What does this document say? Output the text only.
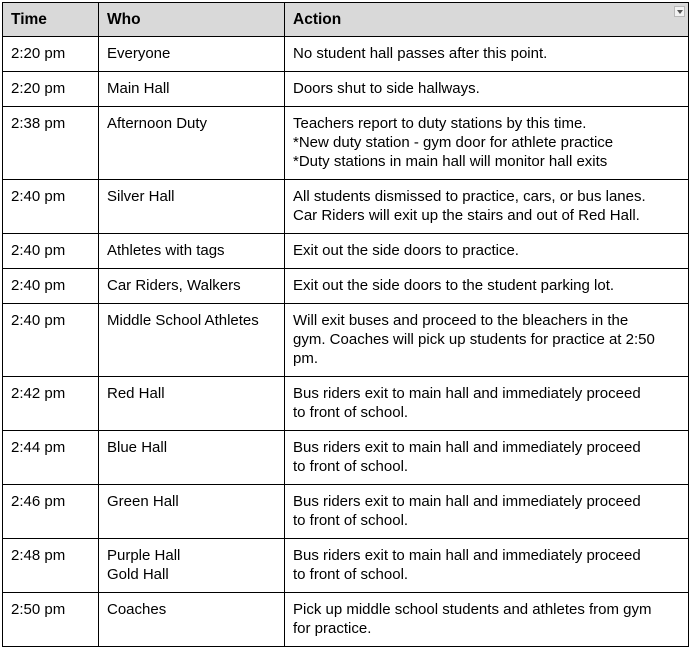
Time	Who	Action

2:20 pm	Everyone	No student hall passes after this point.

2:20 pm	Main Hall	Doors shut to side hallways.

2:38 pm	Afternoon Duty	Teachers report to duty stations by this time.
*New duty station - gym door for athlete practice
*Duty stations in main hall will monitor hall exits

2:40 pm	Silver Hall	All students dismissed to practice, cars, or bus lanes.
Car Riders will exit up the stairs and out of Red Hall.

2:40 pm	Athletes with tags	Exit out the side doors to practice.

2:40 pm	Car Riders, Walkers	Exit out the side doors to the student parking lot.

2:40 pm	Middle School Athletes	Will exit buses and proceed to the bleachers in the
gym. Coaches will pick up students for practice at 2:50
pm.

2:42 pm	Red Hall	Bus riders exit to main hall and immediately proceed
to front of school.

2:44 pm	Blue Hall	Bus riders exit to main hall and immediately proceed
to front of school.

2:46 pm	Green Hall	Bus riders exit to main hall and immediately proceed
to front of school.

2:48 pm	Purple Hall
Gold Hall	Bus riders exit to main hall and immediately proceed
to front of school.

2:50 pm	Coaches	Pick up middle school students and athletes from gym
for practice.
